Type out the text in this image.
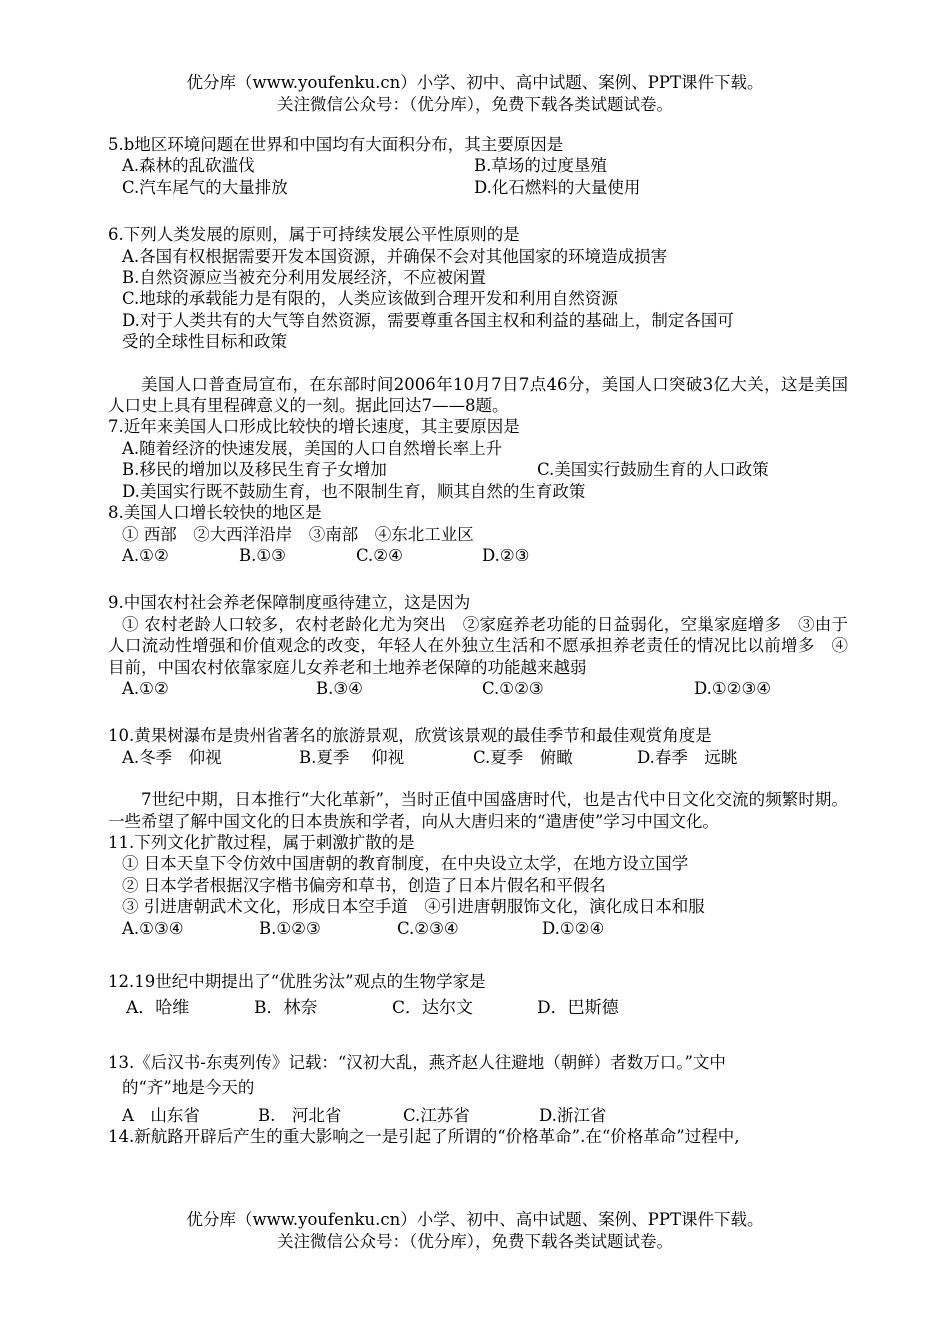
优分库（www.youfenku.cn）小学、初中、高中试题、案例、PPT课件下载。
关注微信公众号：（优分库），免费下载各类试题试卷。
5.b地区环境问题在世界和中国均有大面积分布，其主要原因是
A.森林的乱砍滥伐	B.草场的过度垦殖
C.汽车尾气的大量排放	D.化石燃料的大量使用
6.下列人类发展的原则，属于可持续发展公平性原则的是
A.各国有权根据需要开发本国资源，并确保不会对其他国家的环境造成损害
B.自然资源应当被充分利用发展经济，不应被闲置
C.地球的承载能力是有限的，人类应该做到合理开发和利用自然资源
D.对于人类共有的大气等自然资源，需要尊重各国主权和利益的基础上，制定各国可
受的全球性目标和政策
美国人口普查局宣布，在东部时间2006年10月7日7点46分，美国人口突破3亿大关，这是美国人口史上具有里程碑意义的一刻。据此回达7——8题。
7.近年来美国人口形成比较快的增长速度，其主要原因是
A.随着经济的快速发展，美国的人口自然增长率上升
B.移民的增加以及移民生育子女增加	C.美国实行鼓励生育的人口政策
D.美国实行既不鼓励生育，也不限制生育，顺其自然的生育政策
8.美国人口增长较快的地区是
① 西部　②大西洋沿岸　③南部　④东北工业区
A.①②	B.①③	C.②④	D.②③
9.中国农村社会养老保障制度亟待建立，这是因为
① 农村老龄人口较多，农村老龄化尤为突出　②家庭养老功能的日益弱化，空巢家庭增多　③由于人口流动性增强和价值观念的改变，年轻人在外独立生活和不愿承担养老责任的情况比以前增多　④目前，中国农村依靠家庭儿女养老和土地养老保障的功能越来越弱
A.①②	B.③④	C.①②③	D.①②③④
10.黄果树瀑布是贵州省著名的旅游景观，欣赏该景观的最佳季节和最佳观赏角度是
A.冬季　仰视	B.夏季　 仰视	C.夏季　俯瞰	D.春季　远眺
7世纪中期，日本推行“大化革新”，当时正值中国盛唐时代，也是古代中日文化交流的频繁时期。一些希望了解中国文化的日本贵族和学者，向从大唐归来的“遣唐使”学习中国文化。
11.下列文化扩散过程，属于刺激扩散的是
① 日本天皇下令仿效中国唐朝的教育制度，在中央设立太学，在地方设立国学
② 日本学者根据汉字楷书偏旁和草书，创造了日本片假名和平假名
③ 引进唐朝武术文化，形成日本空手道　④引进唐朝服饰文化，演化成日本和服
A.①③④	B.①②③	C.②③④	D.①②④
12.19世纪中期提出了“优胜劣汰”观点的生物学家是
A．哈维	B．林奈	C．达尔文	D．巴斯德
13.《后汉书-东夷列传》记载：“汉初大乱，燕齐赵人往避地（朝鲜）者数万口。”文中
的“齐”地是今天的
A　山东省	B.　河北省	C.江苏省	D.浙江省
14.新航路开辟后产生的重大影响之一是引起了所谓的“价格革命”.在“价格革命”过程中,
优分库（www.youfenku.cn）小学、初中、高中试题、案例、PPT课件下载。
关注微信公众号：（优分库），免费下载各类试题试卷。
